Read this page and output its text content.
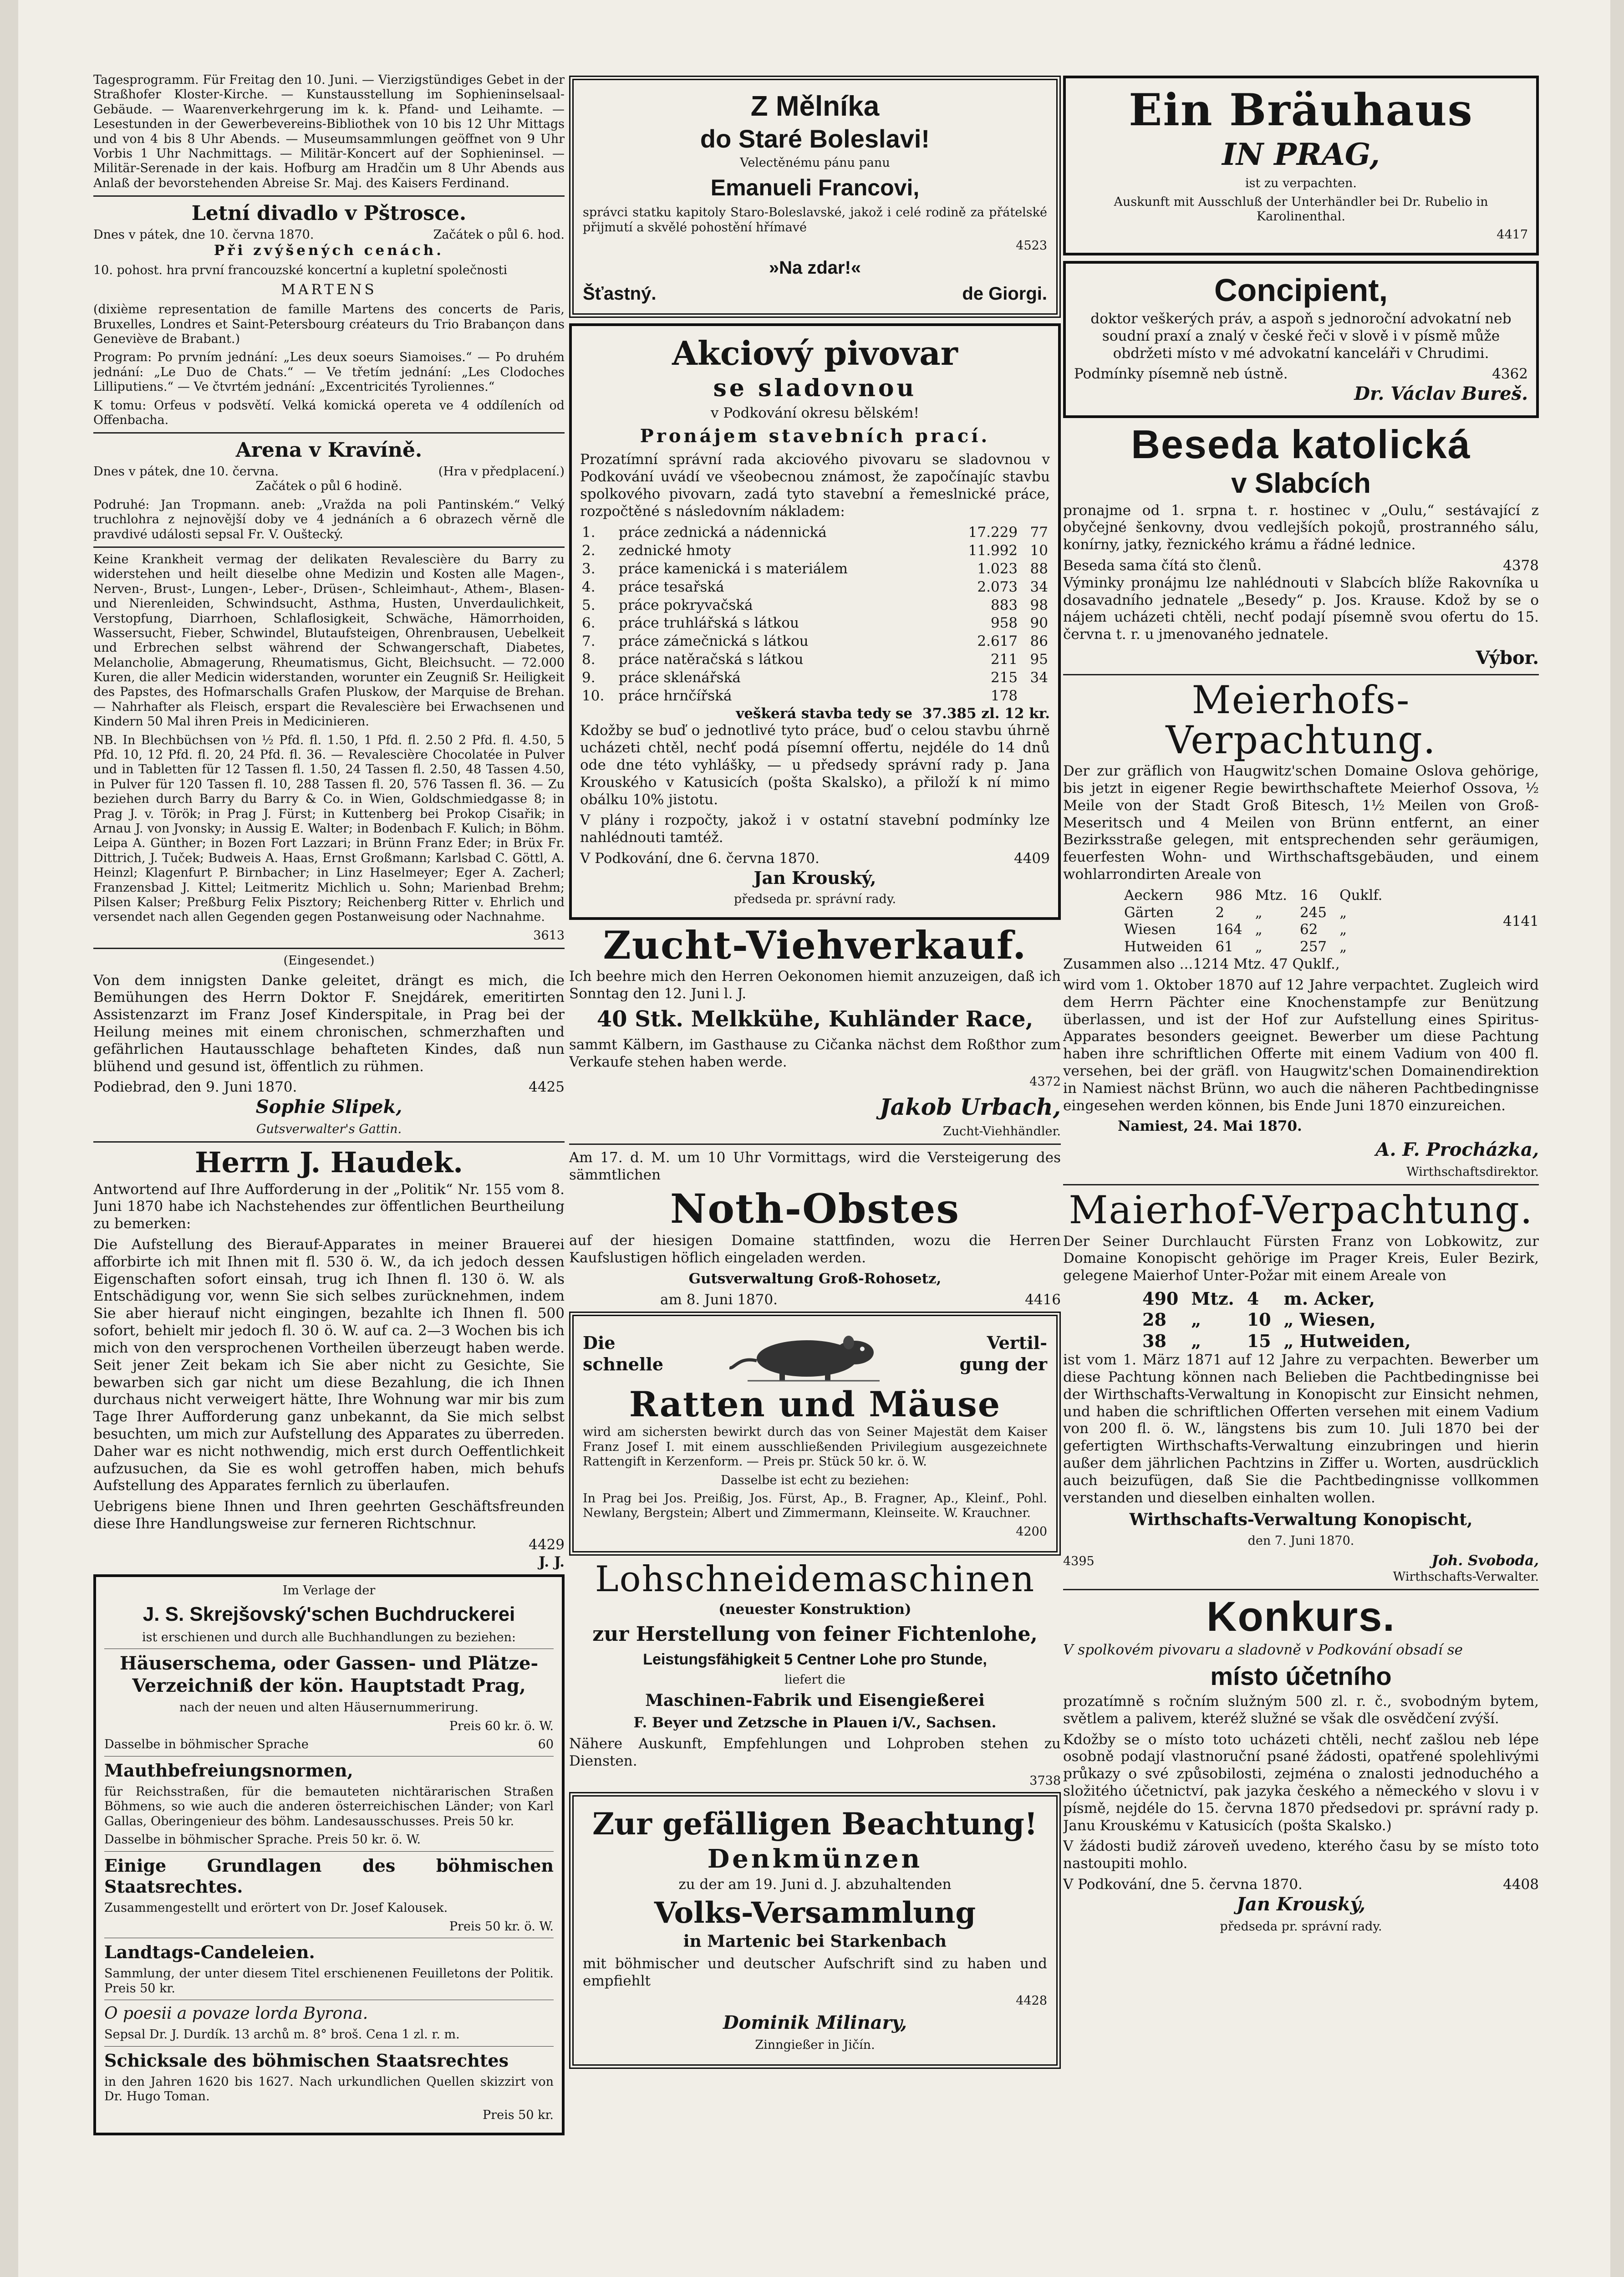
Tagesprogramm. Für Freitag den 10. Juni. — Vierzigstündiges Gebet in der Straßhofer Kloster-Kirche. — Kunstausstellung im Sophieninselsaal-Gebäude. — Waarenverkehrgerung im k. k. Pfand- und Leihamte. — Lesestunden in der Gewerbevereins-Bibliothek von 10 bis 12 Uhr Mittags und von 4 bis 8 Uhr Abends. — Museumsammlungen geöffnet von 9 Uhr Vorbis 1 Uhr Nachmittags. — Militär-Koncert auf der Sophieninsel. — Militär-Serenade in der kais. Hofburg am Hradčin um 8 Uhr Abends aus Anlaß der bevorstehenden Abreise Sr. Maj. des Kaisers Ferdinand.

Letní divadlo v Pštrosce.
Dnes v pátek, dne 10. června 1870.	Začátek o půl 6. hod.

Při zvýšených cenách.

10. pohost. hra první francouzské koncertní a kupletní společnosti

MARTENS

(dixième representation de famille Martens des concerts de Paris, Bruxelles, Londres et Saint-Petersbourg créateurs du Trio Brabançon dans Geneviève de Brabant.)

Program: Po prvním jednání: „Les deux soeurs Siamoises.“ — Po druhém jednání: „Le Duo de Chats.“ — Ve třetím jednání: „Les Clodoches Lilliputiens.“ — Ve čtvrtém jednání: „Excentricités Tyroliennes.“

K tomu: Orfeus v podsvětí. Velká komická opereta ve 4 oddíleních od Offenbacha.

Arena v Kravíně.
Dnes v pátek, dne 10. června.	(Hra v předplacení.)

Začátek o půl 6 hodině.

Podruhé: Jan Tropmann. aneb: „Vražda na poli Pantinském.“ Velký truchlohra z nejnovější doby ve 4 jednáních a 6 obrazech věrně dle pravdivé události sepsal Fr. V. Ouštecký.

Keine Krankheit vermag der delikaten Revalescière du Barry zu widerstehen und heilt dieselbe ohne Medizin und Kosten alle Magen-, Nerven-, Brust-, Lungen-, Leber-, Drüsen-, Schleimhaut-, Athem-, Blasen- und Nierenleiden, Schwindsucht, Asthma, Husten, Unverdaulichkeit, Verstopfung, Diarrhoen, Schlaflosigkeit, Schwäche, Hämorrhoiden, Wassersucht, Fieber, Schwindel, Blutaufsteigen, Ohrenbrausen, Uebelkeit und Erbrechen selbst während der Schwangerschaft, Diabetes, Melancholie, Abmagerung, Rheumatismus, Gicht, Bleichsucht. — 72.000 Kuren, die aller Medicin widerstanden, worunter ein Zeugniß Sr. Heiligkeit des Papstes, des Hofmarschalls Grafen Pluskow, der Marquise de Brehan. — Nahrhafter als Fleisch, erspart die Revalescière bei Erwachsenen und Kindern 50 Mal ihren Preis in Medicinieren.

NB. In Blechbüchsen von ½ Pfd. fl. 1.50, 1 Pfd. fl. 2.50 2 Pfd. fl. 4.50, 5 Pfd. 10, 12 Pfd. fl. 20, 24 Pfd. fl. 36. — Revalescière Chocolatée in Pulver und in Tabletten für 12 Tassen fl. 1.50, 24 Tassen fl. 2.50, 48 Tassen 4.50, in Pulver für 120 Tassen fl. 10, 288 Tassen fl. 20, 576 Tassen fl. 36. — Zu beziehen durch Barry du Barry & Co. in Wien, Goldschmiedgasse 8; in Prag J. v. Török; in Prag J. Fürst; in Kuttenberg bei Prokop Cisařik; in Arnau J. von Jvonsky; in Aussig E. Walter; in Bodenbach F. Kulich; in Böhm. Leipa A. Günther; in Bozen Fort Lazzari; in Brünn Franz Eder; in Brüx Fr. Dittrich, J. Tuček; Budweis A. Haas, Ernst Großmann; Karlsbad C. Göttl, A. Heinzl; Klagenfurt P. Birnbacher; in Linz Haselmeyer; Eger A. Zacherl; Franzensbad J. Kittel; Leitmeritz Michlich u. Sohn; Marienbad Brehm; Pilsen Kalser; Preßburg Felix Pisztory; Reichenberg Ritter v. Ehrlich und versendet nach allen Gegenden gegen Postanweisung oder Nachnahme.

3613

(Eingesendet.)

Von dem innigsten Danke geleitet, drängt es mich, die Bemühungen des Herrn Doktor F. Snejdárek, emeritirten Assistenzarzt im Franz Josef Kinderspitale, in Prag bei der Heilung meines mit einem chronischen, schmerzhaften und gefährlichen Hautausschlage behafteten Kindes, daß nun blühend und gesund ist, öffentlich zu rühmen.

Podiebrad, den 9. Juni 1870.	4425

Sophie Slipek,

Gutsverwalter's Gattin.

Herrn J. Haudek.

Antwortend auf Ihre Aufforderung in der „Politik“ Nr. 155 vom 8. Juni 1870 habe ich Nachstehendes zur öffentlichen Beurtheilung zu bemerken:

Die Aufstellung des Bierauf-Apparates in meiner Brauerei afforbirte ich mit Ihnen mit fl. 530 ö. W., da ich jedoch dessen Eigenschaften sofort einsah, trug ich Ihnen fl. 130 ö. W. als Entschädigung vor, wenn Sie sich selbes zurücknehmen, indem Sie aber hierauf nicht eingingen, bezahlte ich Ihnen fl. 500 sofort, behielt mir jedoch fl. 30 ö. W. auf ca. 2—3 Wochen bis ich mich von den versprochenen Vortheilen überzeugt haben werde. Seit jener Zeit bekam ich Sie aber nicht zu Gesichte, Sie bewarben sich gar nicht um diese Bezahlung, die ich Ihnen durchaus nicht verweigert hätte, Ihre Wohnung war mir bis zum Tage Ihrer Aufforderung ganz unbekannt, da Sie mich selbst besuchten, um mich zur Aufstellung des Apparates zu überreden. Daher war es nicht nothwendig, mich erst durch Oeffentlichkeit aufzusuchen, da Sie es wohl getroffen haben, mich behufs Aufstellung des Apparates fernlich zu überlaufen.

Uebrigens biene Ihnen und Ihren geehrten Geschäftsfreunden diese Ihre Handlungsweise zur ferneren Richtschnur.

4429

J. J.

Im Verlage der

J. S. Skrejšovský'schen Buchdruckerei

ist erschienen und durch alle Buchhandlungen zu beziehen:

Häuserschema, oder Gassen- und Plätze-Verzeichniß der kön. Hauptstadt Prag,

nach der neuen und alten Häusernummerirung.

Preis 60 kr. ö. W.

Dasselbe in böhmischer Sprache	60

Mauthbefreiungsnormen,

für Reichsstraßen, für die bemauteten nichtärarischen Straßen Böhmens, so wie auch die anderen österreichischen Länder; von Karl Gallas, Oberingenieur des böhm. Landesausschusses. Preis 50 kr.

Dasselbe in böhmischer Sprache. Preis 50 kr. ö. W.

Einige Grundlagen des böhmischen Staatsrechtes.

Zusammengestellt und erörtert von Dr. Josef Kalousek.

Preis 50 kr. ö. W.

Landtags-Candeleien.

Sammlung, der unter diesem Titel erschienenen Feuilletons der Politik. Preis 50 kr.

O poesii a povaze lorda Byrona.

Sepsal Dr. J. Durdík. 13 archů m. 8° broš. Cena 1 zl. r. m.

Schicksale des böhmischen Staatsrechtes

in den Jahren 1620 bis 1627. Nach urkundlichen Quellen skizzirt von Dr. Hugo Toman.

Preis 50 kr.

Z Mělníka
do Staré Boleslavi!

Velectěnému pánu panu

Emanueli Francovi,

správci statku kapitoly Staro-Boleslavské, jakož i celé rodině za přátelské přijmutí a skvělé pohostění hřímavé

4523

»Na zdar!«

Šťastný.	de Giorgi.
Akciový pivovar
se sladovnou

v Podkování okresu bělském!

Pronájem stavebních prací.

Prozatímní správní rada akciového pivovaru se sladovnou v Podkování uvádí ve všeobecnou známost, že započínajíc stavbu spolkového pivovarn, zadá tyto stavební a řemeslnické práce, rozpočtěné s následovním nákladem:

1.	práce zednická a nádennická	17.229	77
2.	zednické hmoty	11.992	10
3.	práce kamenická i s materiálem	1.023	88
4.	práce tesařská	2.073	34
5.	práce pokryvačská	883	98
6.	práce truhlářská s látkou	958	90
7.	práce zámečnická s látkou	2.617	86
8.	práce natěračská s látkou	211	95
9.	práce sklenářská	215	34
10.	práce hrnčířská	178	
veškerá stavba tedy se 37.385 zl. 12 kr.

Kdožby se buď o jednotlivé tyto práce, buď o celou stavbu úhrně ucházeti chtěl, nechť podá písemní offertu, nejdéle do 14 dnů ode dne této vyhlášky, — u předsedy správní rady p. Jana Krouského v Katusicích (pošta Skalsko), a přiloží k ní mimo obálku 10% jistotu.

V plány i rozpočty, jakož i v ostatní stavební podmínky lze nahlédnouti tamtéž.

V Podkování, dne 6. června 1870.	4409

Jan Krouský,

předseda pr. správní rady.

Zucht-Viehverkauf.

Ich beehre mich den Herren Oekonomen hiemit anzuzeigen, daß ich Sonntag den 12. Juni l. J.

40 Stk. Melkkühe, Kuhländer Race,

sammt Kälbern, im Gasthause zu Cičanka nächst dem Roßthor zum Verkaufe stehen haben werde.

4372

Jakob Urbach,

Zucht-Viehhändler.

Am 17. d. M. um 10 Uhr Vormittags, wird die Versteigerung des sämmtlichen

Noth-Obstes

auf der hiesigen Domaine stattfinden, wozu die Herren Kaufslustigen höflich eingeladen werden.

Gutsverwaltung Groß-Rohosetz,

am 8. Juni 1870.	4416
Die
schnelle
Vertil-
gung der
Ratten und Mäuse

wird am sichersten bewirkt durch das von Seiner Majestät dem Kaiser Franz Josef I. mit einem ausschließenden Privilegium ausgezeichnete Rattengift in Kerzenform. — Preis pr. Stück 50 kr. ö. W.

Dasselbe ist echt zu beziehen:

In Prag bei Jos. Preißig, Jos. Fürst, Ap., B. Fragner, Ap., Kleinf., Pohl. Newlany, Bergstein; Albert und Zimmermann, Kleinseite. W. Krauchner.

4200

Lohschneidemaschinen

(neuester Konstruktion)

zur Herstellung von feiner Fichtenlohe,

Leistungsfähigkeit 5 Centner Lohe pro Stunde,

liefert die

Maschinen-Fabrik und Eisengießerei

F. Beyer und Zetzsche in Plauen i/V., Sachsen.

Nähere Auskunft, Empfehlungen und Lohproben stehen zu Diensten.

3738

Zur gefälligen Beachtung!
Denkmünzen

zu der am 19. Juni d. J. abzuhaltenden

Volks-Versammlung

in Martenic bei Starkenbach

mit böhmischer und deutscher Aufschrift sind zu haben und empfiehlt

4428

Dominik Milinary,

Zinngießer in Jičín.

Ein Bräuhaus

IN PRAG,

ist zu verpachten.

Auskunft mit Ausschluß der Unterhändler bei Dr. Rubelio in Karolinenthal.

4417

Concipient,

doktor veškerých práv, a aspoň s jednoroční advokatní neb soudní praxí a znalý v české řeči v slově i v písmě může obdržeti místo v mé advokatní kanceláři v Chrudimi.

Podmínky písemně neb ústně.	4362

Dr. Václav Bureš.

Beseda katolická
v Slabcích

pronajme od 1. srpna t. r. hostinec v „Oulu,“ sestávající z obyčejné šenkovny, dvou vedlejších pokojů, prostranného sálu, konírny, jatky, řeznického krámu a řádné lednice.

Beseda sama čítá sto členů.	4378

Výminky pronájmu lze nahlédnouti v Slabcích blíže Rakovníka u dosavadního jednatele „Besedy“ p. Jos. Krause. Kdož by se o nájem ucházeti chtěli, nechť podají písemně svou ofertu do 15. června t. r. u jmenovaného jednatele.

Výbor.

Meierhofs-Verpachtung.

Der zur gräflich von Haugwitz'schen Domaine Oslova gehörige, bis jetzt in eigener Regie bewirthschaftete Meierhof Ossova, ½ Meile von der Stadt Groß Bitesch, 1½ Meilen von Groß-Meseritsch und 4 Meilen von Brünn entfernt, an einer Bezirksstraße gelegen, mit entsprechenden sehr geräumigen, feuerfesten Wohn- und Wirthschaftsgebäuden, und einem wohlarrondirten Areale von

Aeckern	986	Mtz.	16	Quklf.
Gärten	2	„	245	„
Wiesen	164	„	62	„
Hutweiden	61	„	257	„
4141

Zusammen also ...1214 Mtz. 47 Quklf.,

wird vom 1. Oktober 1870 auf 12 Jahre verpachtet. Zugleich wird dem Herrn Pächter eine Knochenstampfe zur Benützung überlassen, und ist der Hof zur Aufstellung eines Spiritus-Apparates besonders geeignet. Bewerber um diese Pachtung haben ihre schriftlichen Offerte mit einem Vadium von 400 fl. versehen, bei der gräfl. von Haugwitz'schen Domainendirektion in Namiest nächst Brünn, wo auch die näheren Pachtbedingnisse eingesehen werden können, bis Ende Juni 1870 einzureichen.

Namiest, 24. Mai 1870.

A. F. Procházka,

Wirthschaftsdirektor.

Maierhof-Verpachtung.

Der Seiner Durchlaucht Fürsten Franz von Lobkowitz, zur Domaine Konopischt gehörige im Prager Kreis, Euler Bezirk, gelegene Maierhof Unter-Požar mit einem Areale von

490	Mtz.	4	m. Acker,
28	„	10	„ Wiesen,
38	„	15	„ Hutweiden,

ist vom 1. März 1871 auf 12 Jahre zu verpachten. Bewerber um diese Pachtung können nach Belieben die Pachtbedingnisse bei der Wirthschafts-Verwaltung in Konopischt zur Einsicht nehmen, und haben die schriftlichen Offerten versehen mit einem Vadium von 200 fl. ö. W., längstens bis zum 10. Juli 1870 bei der gefertigten Wirthschafts-Verwaltung einzubringen und hierin außer dem jährlichen Pachtzins in Ziffer u. Worten, ausdrücklich auch beizufügen, daß Sie die Pachtbedingnisse vollkommen verstanden und dieselben einhalten wollen.

Wirthschafts-Verwaltung Konopischt,

den 7. Juni 1870.

4395	Joh. Svoboda,

Wirthschafts-Verwalter.

Konkurs.

V spolkovém pivovaru a sladovně v Podkování obsadí se

místo účetního

prozatímně s ročním služným 500 zl. r. č., svobodným bytem, světlem a palivem, kteréž služné se však dle osvědčení zvýší.

Kdožby se o místo toto ucházeti chtěli, nechť zašlou neb lépe osobně podají vlastnoruční psané žádosti, opatřené spolehlivými průkazy o své způsobilosti, zejména o znalosti jednoduchého a složitého účetnictví, pak jazyka českého a německého v slovu i v písmě, nejdéle do 15. června 1870 předsedovi pr. správní rady p. Janu Krouskému v Katusicích (pošta Skalsko.)

V žádosti budiž zároveň uvedeno, kterého času by se místo toto nastoupiti mohlo.

V Podkování, dne 5. června 1870.	4408

Jan Krouský,

předseda pr. správní rady.
